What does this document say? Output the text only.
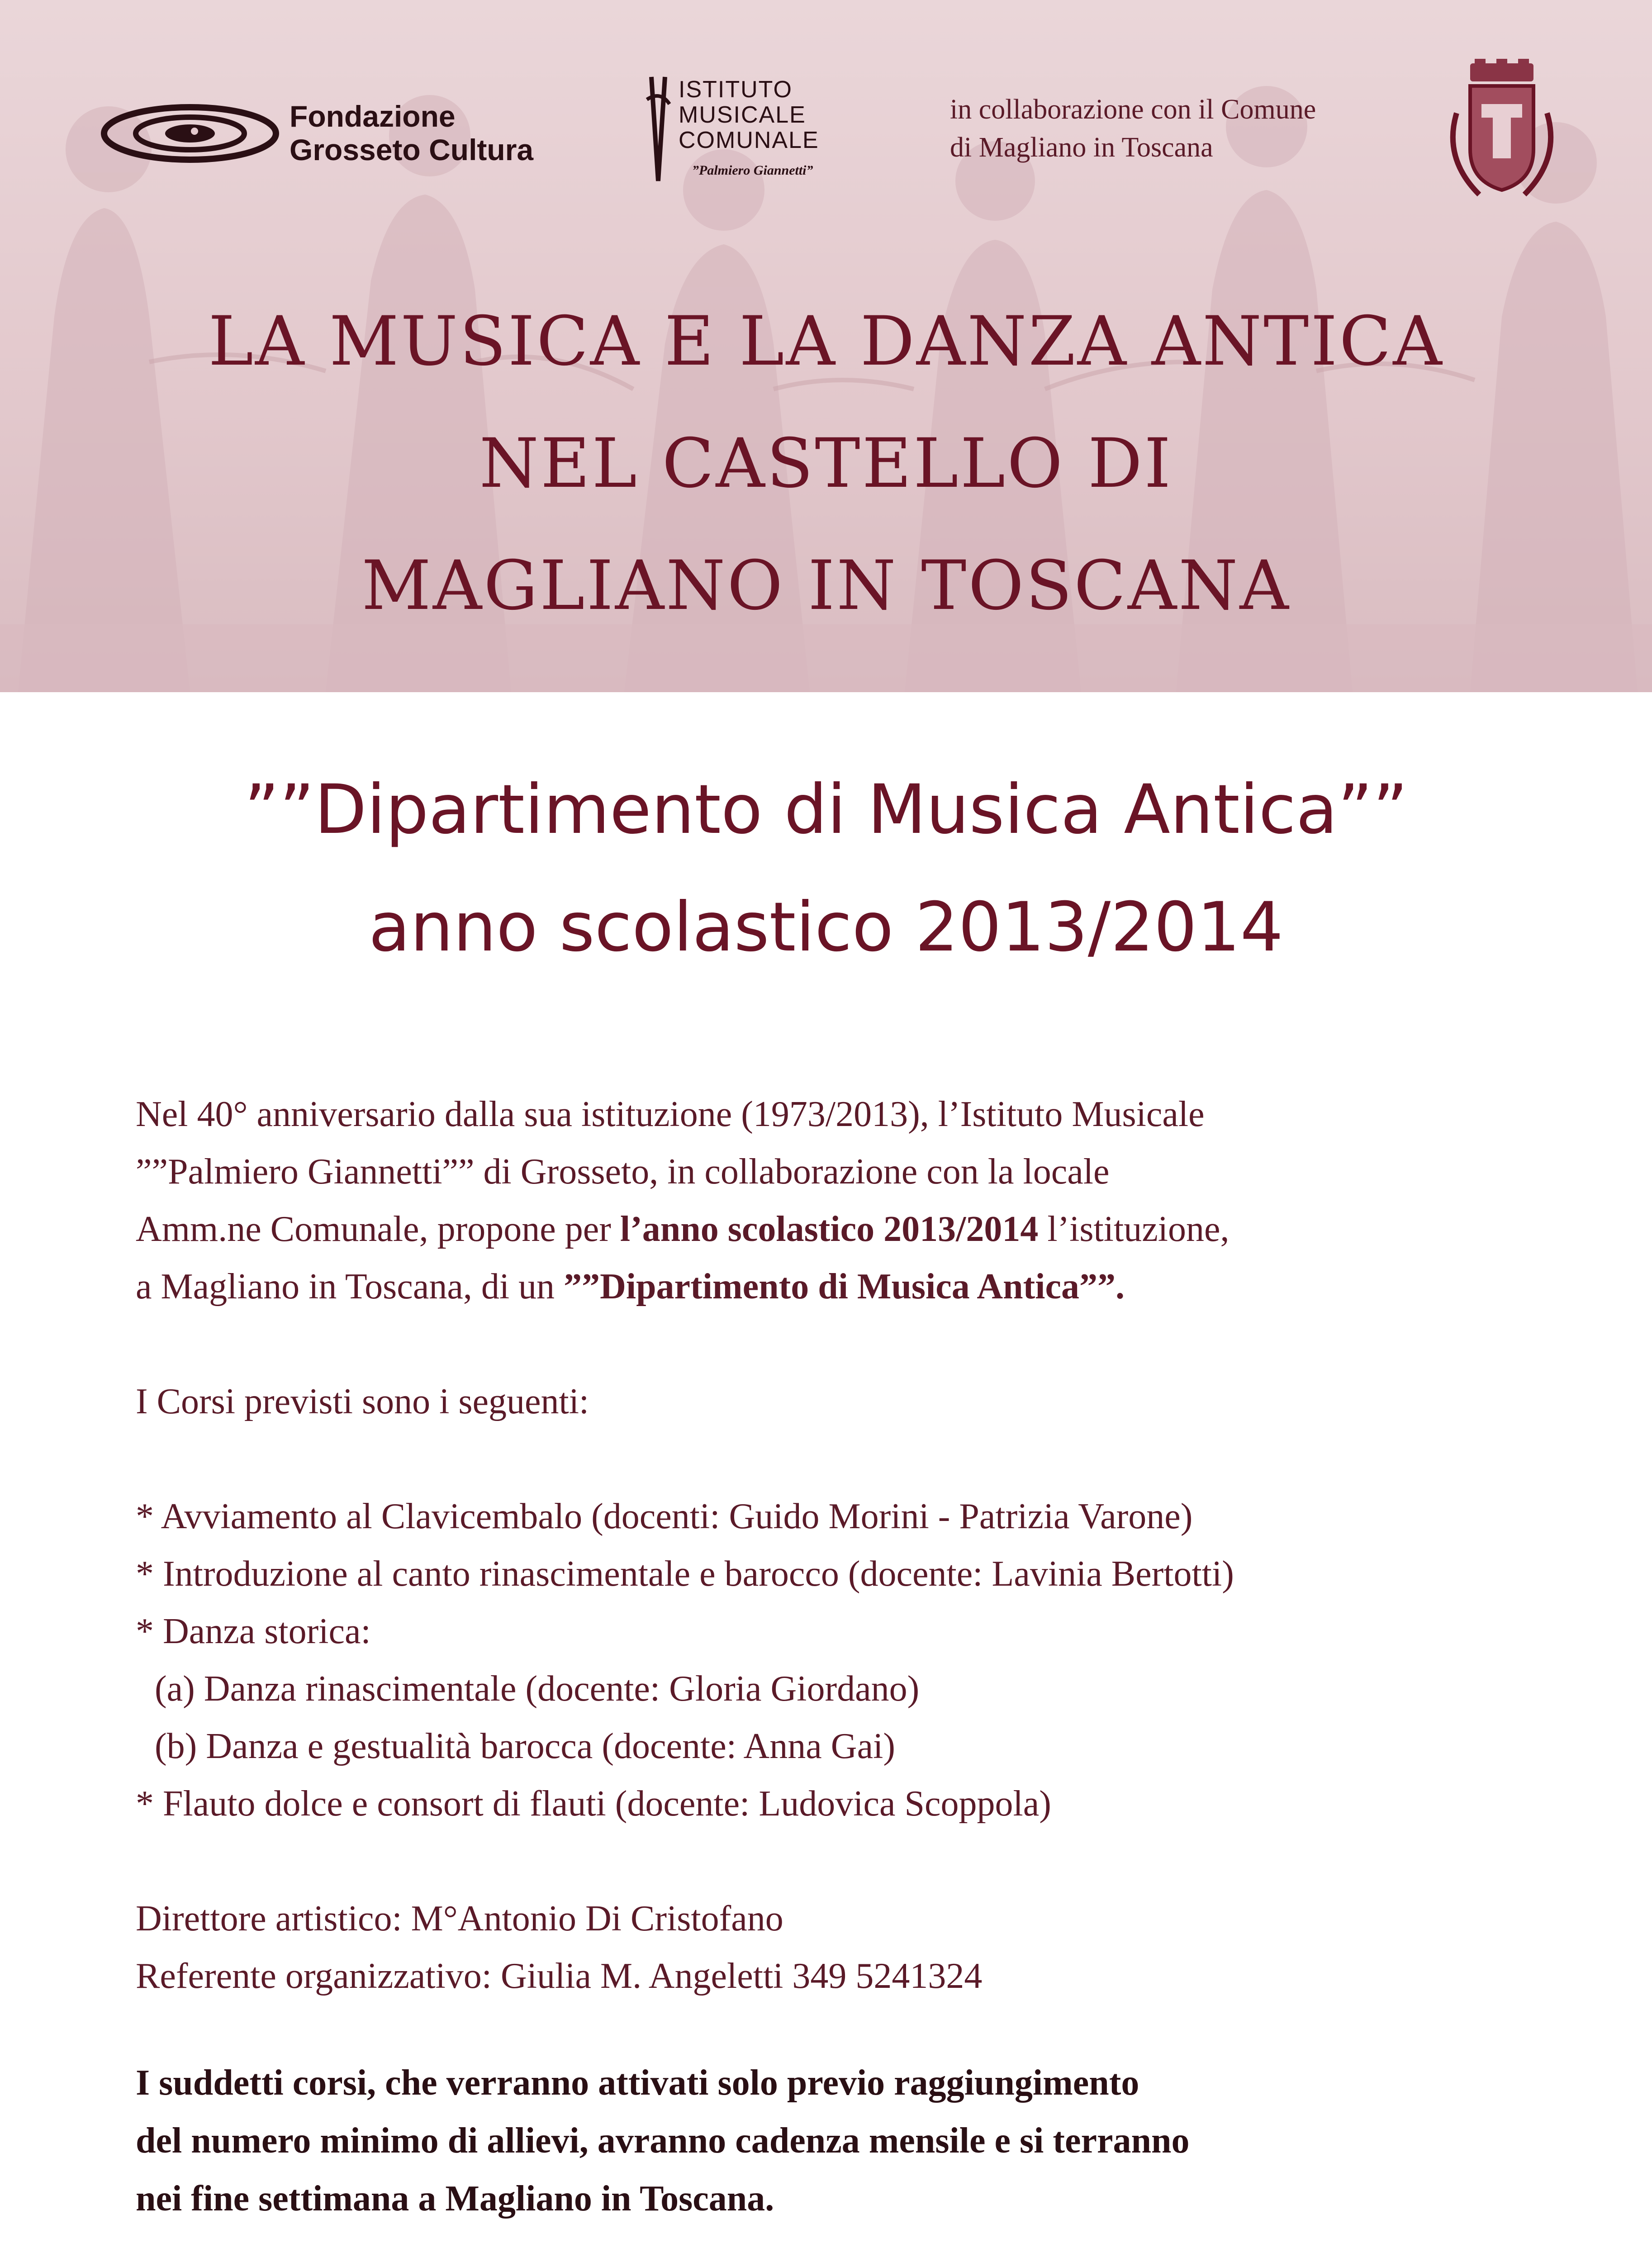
Fondazione
Grosseto Cultura
ISTITUTO
MUSICALE
COMUNALE
”Palmiero Giannetti”
in collaborazione con il Comune
di Magliano in Toscana
LA MUSICA E LA DANZA ANTICA
NEL CASTELLO DI
MAGLIANO IN TOSCANA
””Dipartimento di Musica Antica””
anno scolastico 2013/2014

Nel 40° anniversario dalla sua istituzione (1973/2013), l’Istituto Musicale

””Palmiero Giannetti”” di Grosseto, in collaborazione con la locale

Amm.ne Comunale, propone per l’anno scolastico 2013/2014 l’istituzione,

a Magliano in Toscana, di un ””Dipartimento di Musica Antica””.

I Corsi previsti sono i seguenti:

* Avviamento al Clavicembalo (docenti: Guido Morini - Patrizia Varone)

* Introduzione al canto rinascimentale e barocco (docente: Lavinia Bertotti)

* Danza storica:

(a) Danza rinascimentale (docente: Gloria Giordano)

(b) Danza e gestualità barocca (docente: Anna Gai)

* Flauto dolce e consort di flauti (docente: Ludovica Scoppola)

Direttore artistico: M°Antonio Di Cristofano

Referente organizzativo: Giulia M. Angeletti 349 5241324

I suddetti corsi, che verranno attivati solo previo raggiungimento
del numero minimo di allievi, avranno cadenza mensile e si terranno
nei fine settimana a Magliano in Toscana.
